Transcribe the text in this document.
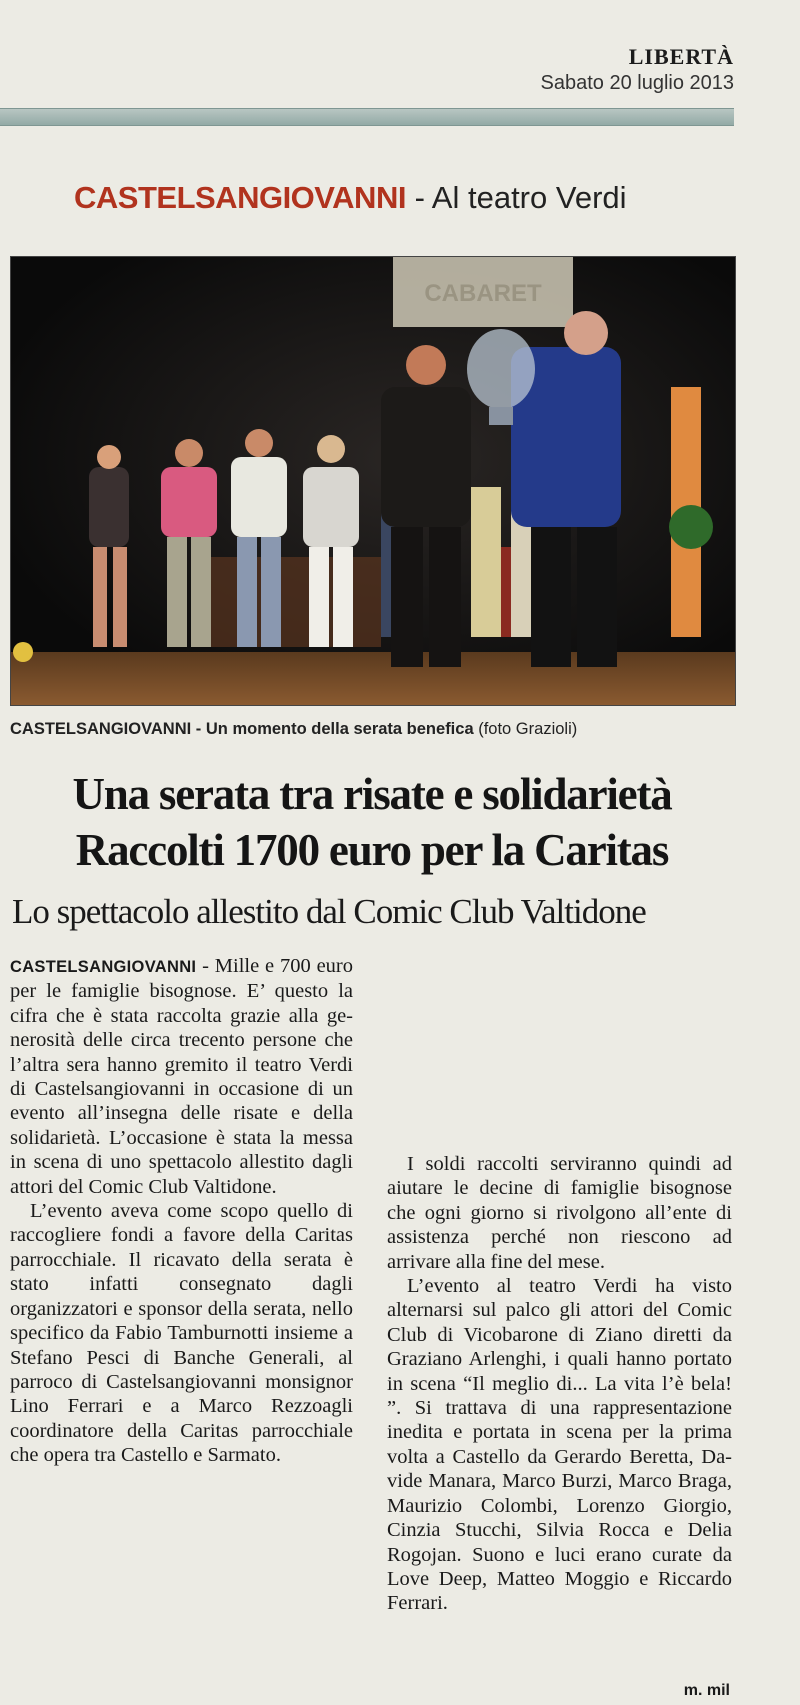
LIBERTÀ
Sabato 20 luglio 2013
CASTELSANGIOVANNI - Al teatro Verdi
CABARET
CASTELSANGIOVANNI - Un momento della serata benefica (foto Grazioli)
Una serata tra risate e solidarietà
Raccolti 1700 euro per la Caritas
Lo spettacolo allestito dal Comic Club Valtidone

CASTELSANGIOVANNI - Mille e 700 euro per le famiglie bisognose. E’ questo la cifra che è stata raccolta grazie alla generosità delle circa trecento persone che l’altra sera hanno gremito il teatro Verdi di Castelsangiovanni in occasione di un evento all’insegna delle risate e della solidarietà. L’occasione è stata la messa in scena di uno spettacolo allestito dagli attori del Comic Club Valtidone.

L’evento aveva come scopo quello di raccogliere fondi a favore della Caritas parrocchiale. Il ricavato della serata è stato infatti consegnato dagli organizzatori e sponsor della serata, nello specifico da Fabio Tamburnotti insieme a Stefano Pesci di Banche Generali, al parroco di Castelsangiovanni monsignor Lino Ferrari e a Marco Rezzoagli coordinatore della Caritas parrocchiale che opera tra Castello e Sarmato.

I soldi raccolti serviranno quindi ad aiutare le decine di famiglie bisognose che ogni giorno si rivolgono all’ente di assistenza perché non riescono ad arrivare alla fine del mese.

L’evento al teatro Verdi ha visto alternarsi sul palco gli attori del Comic Club di Vicobarone di Ziano diretti da Graziano Arlenghi, i quali hanno portato in scena “Il meglio di... La vita l’è bela! ”. Si trattava di una rappresentazione inedita e portata in scena per la prima volta a Castello da Gerardo Beretta, Davide Manara, Marco Burzi, Marco Braga, Maurizio Colombi, Lorenzo Giorgio, Cinzia Stucchi, Silvia Rocca e Delia Rogojan. Suono e luci erano curate da Love Deep, Matteo Moggio e Riccardo Ferrari.

m. mil
